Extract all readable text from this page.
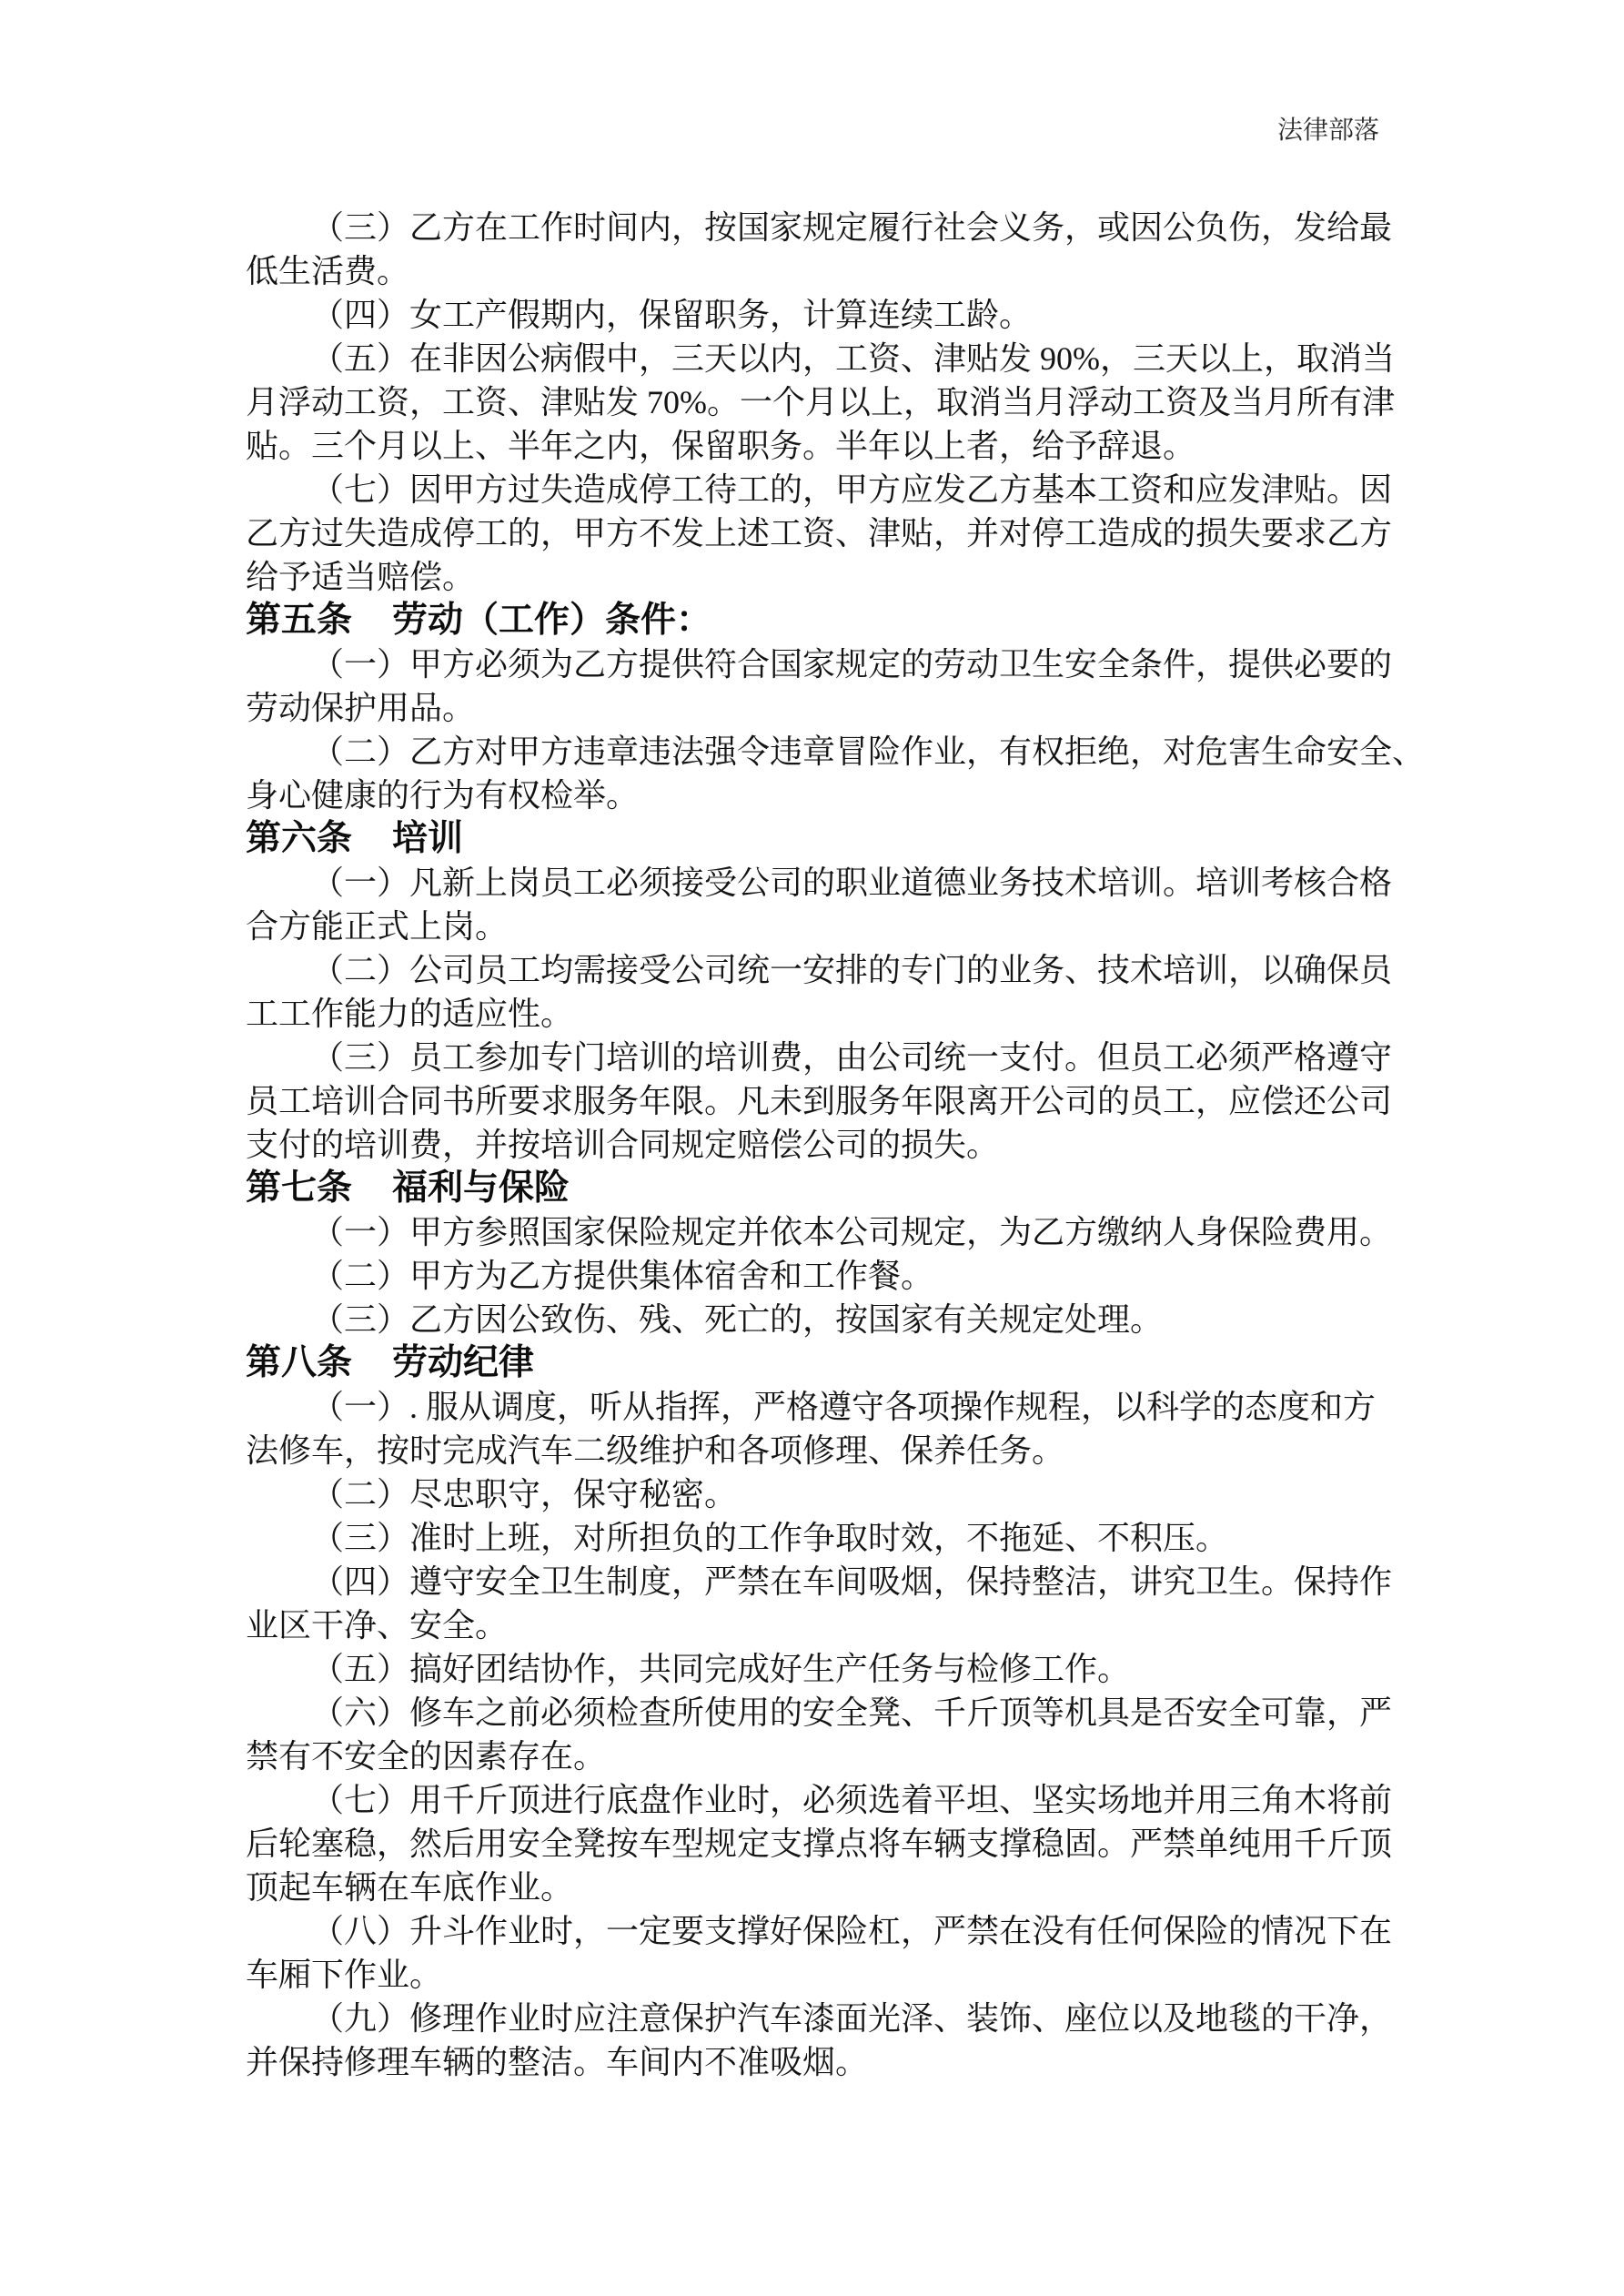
法律部落
（三）乙方在工作时间内，按国家规定履行社会义务，或因公负伤，发给最
低生活费。
（四）女工产假期内，保留职务，计算连续工龄。
（五）在非因公病假中，三天以内，工资、津贴发 90%，三天以上，取消当
月浮动工资，工资、津贴发 70%。一个月以上，取消当月浮动工资及当月所有津
贴。三个月以上、半年之内，保留职务。半年以上者，给予辞退。
（七）因甲方过失造成停工待工的，甲方应发乙方基本工资和应发津贴。因
乙方过失造成停工的，甲方不发上述工资、津贴，并对停工造成的损失要求乙方
给予适当赔偿。
第五条 劳动（工作）条件：
（一）甲方必须为乙方提供符合国家规定的劳动卫生安全条件，提供必要的
劳动保护用品。
（二）乙方对甲方违章违法强令违章冒险作业，有权拒绝，对危害生命安全、
身心健康的行为有权检举。
第六条 培训
（一）凡新上岗员工必须接受公司的职业道德业务技术培训。培训考核合格
合方能正式上岗。
（二）公司员工均需接受公司统一安排的专门的业务、技术培训，以确保员
工工作能力的适应性。
（三）员工参加专门培训的培训费，由公司统一支付。但员工必须严格遵守
员工培训合同书所要求服务年限。凡未到服务年限离开公司的员工，应偿还公司
支付的培训费，并按培训合同规定赔偿公司的损失。
第七条 福利与保险
（一）甲方参照国家保险规定并依本公司规定，为乙方缴纳人身保险费用。
（二）甲方为乙方提供集体宿舍和工作餐。
（三）乙方因公致伤、残、死亡的，按国家有关规定处理。
第八条 劳动纪律
（一）. 服从调度，听从指挥，严格遵守各项操作规程，以科学的态度和方
法修车，按时完成汽车二级维护和各项修理、保养任务。
（二）尽忠职守，保守秘密。
（三）准时上班，对所担负的工作争取时效，不拖延、不积压。
（四）遵守安全卫生制度，严禁在车间吸烟，保持整洁，讲究卫生。保持作
业区干净、安全。
（五）搞好团结协作，共同完成好生产任务与检修工作。
（六）修车之前必须检查所使用的安全凳、千斤顶等机具是否安全可靠，严
禁有不安全的因素存在。
（七）用千斤顶进行底盘作业时，必须选着平坦、坚实场地并用三角木将前
后轮塞稳，然后用安全凳按车型规定支撑点将车辆支撑稳固。严禁单纯用千斤顶
顶起车辆在车底作业。
（八）升斗作业时，一定要支撑好保险杠，严禁在没有任何保险的情况下在
车厢下作业。
（九）修理作业时应注意保护汽车漆面光泽、装饰、座位以及地毯的干净，
并保持修理车辆的整洁。车间内不准吸烟。
